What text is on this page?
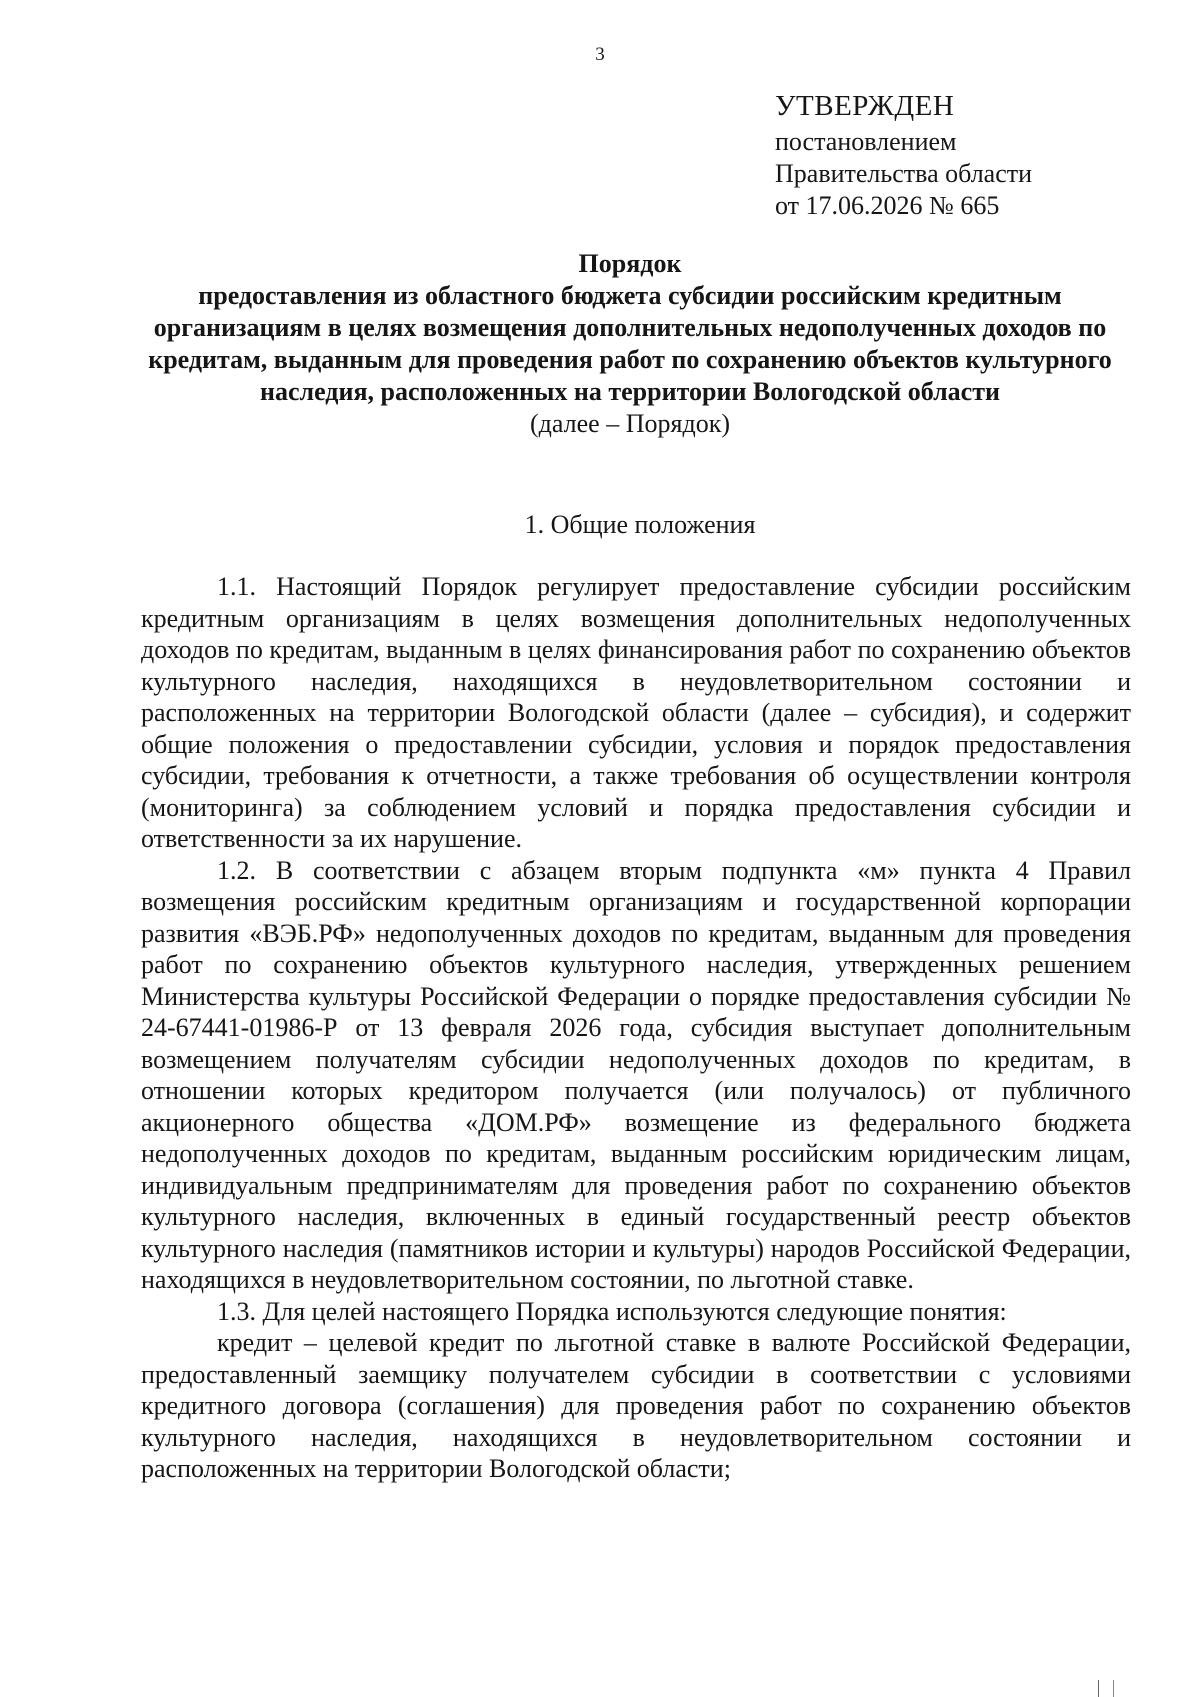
3
УТВЕРЖДЕН
постановлением
Правительства области
от 17.06.2026 № 665
Порядок
предоставления из областного бюджета субсидии российским кредитным организациям в целях возмещения дополнительных недополученных доходов по кредитам, выданным для проведения работ по сохранению объектов культурного наследия, расположенных на территории Вологодской области
(далее – Порядок)
1. Общие положения

1.1. Настоящий Порядок регулирует предоставление субсидии российским кредитным организациям в целях возмещения дополнительных недополученных доходов по кредитам, выданным в целях финансирования работ по сохранению объектов культурного наследия, находящихся в неудовлетворительном состоянии и расположенных на территории Вологодской области (далее – субсидия), и содержит общие положения о предоставлении субсидии, условия и порядок предоставления субсидии, требования к отчетности, а также требования об осуществлении контроля (мониторинга) за соблюдением условий и порядка предоставления субсидии и ответственности за их нарушение.

1.2. В соответствии с абзацем вторым подпункта «м» пункта 4 Правил возмещения российским кредитным организациям и государственной корпорации развития «ВЭБ.РФ» недополученных доходов по кредитам, выданным для проведения работ по сохранению объектов культурного наследия, утвержденных решением Министерства культуры Российской Федерации о порядке предоставления субсидии № 24-67441-01986-Р от 13 февраля 2026 года, субсидия выступает дополнительным возмещением получателям субсидии недополученных доходов по кредитам, в отношении которых кредитором получается (или получалось) от публичного акционерного общества «ДОМ.РФ» возмещение из федерального бюджета недополученных доходов по кредитам, выданным российским юридическим лицам, индивидуальным предпринимателям для проведения работ по сохранению объектов культурного наследия, включенных в единый государственный реестр объектов культурного наследия (памятников истории и культуры) народов Российской Федерации, находящихся в неудовлетворительном состоянии, по льготной ставке.

1.3. Для целей настоящего Порядка используются следующие понятия:

кредит – целевой кредит по льготной ставке в валюте Российской Федерации, предоставленный заемщику получателем субсидии в соответствии с условиями кредитного договора (соглашения) для проведения работ по сохранению объектов культурного наследия, находящихся в неудовлетворительном состоянии и расположенных на территории Вологодской области;
